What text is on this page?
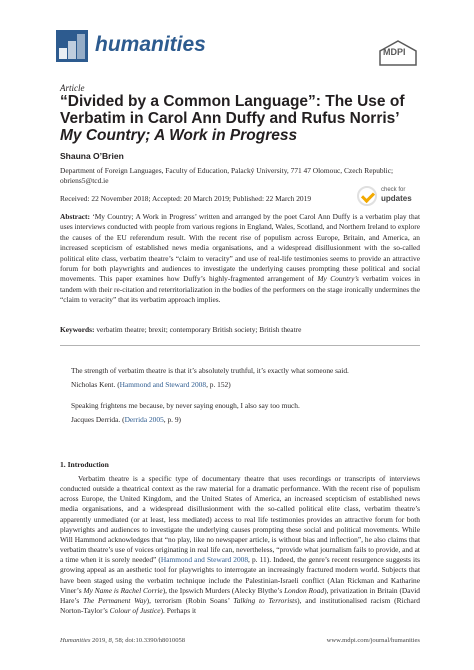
humanities	MDPI
Article
“Divided by a Common Language”: The Use of
Verbatim in Carol Ann Duffy and Rufus Norris’
My Country; A Work in Progress
Shauna O’Brien
Department of Foreign Languages, Faculty of Education, Palacký University, 771 47 Olomouc, Czech Republic; obriens5@tcd.ie
Received: 22 November 2018; Accepted: 20 March 2019; Published: 22 March 2019
check for
updates
Abstract: ‘My Country; A Work in Progress’ written and arranged by the poet Carol Ann Duffy is a verbatim play that uses interviews conducted with people from various regions in England, Wales, Scotland, and Northern Ireland to explore the causes of the EU referendum result. With the recent rise of populism across Europe, Britain, and America, an increased scepticism of established news media organisations, and a widespread disillusionment with the so-called political elite class, verbatim theatre’s “claim to veracity” and use of real-life testimonies seems to provide an attractive forum for both playwrights and audiences to investigate the underlying causes prompting these political and social movements. This paper examines how Duffy’s highly-fragmented arrangement of My Country’s verbatim voices in tandem with their re-citation and reterritorialization in the bodies of the performers on the stage ironically undermines the “claim to veracity” that its verbatim approach implies.
Keywords: verbatim theatre; brexit; contemporary British society; British theatre
The strength of verbatim theatre is that it’s absolutely truthful, it’s exactly what someone said.
Nicholas Kent. (Hammond and Steward 2008, p. 152)
Speaking frightens me because, by never saying enough, I also say too much.
Jacques Derrida. (Derrida 2005, p. 9)
1. Introduction
Verbatim theatre is a specific type of documentary theatre that uses recordings or transcripts of interviews conducted outside a theatrical context as the raw material for a dramatic performance. With the recent rise of populism across Europe, the United Kingdom, and the United States of America, an increased scepticism of established news media organisations, and a widespread disillusionment with the so-called political elite class, verbatim theatre’s apparently unmediated (or at least, less mediated) access to real life testimonies provides an attractive forum for both playwrights and audiences to investigate the underlying causes prompting these social and political movements. While Will Hammond acknowledges that “no play, like no newspaper article, is without bias and inflection”, he also claims that verbatim theatre’s use of voices originating in real life can, nevertheless, “provide what journalism fails to provide, and at a time when it is sorely needed” (Hammond and Steward 2008, p. 11). Indeed, the genre’s recent resurgence suggests its growing appeal as an aesthetic tool for playwrights to interrogate an increasingly fractured modern world. Subjects that have been staged using the verbatim technique include the Palestinian-Israeli conflict (Alan Rickman and Katharine Viner’s My Name is Rachel Corrie), the Ipswich Murders (Alecky Blythe’s London Road), privatization in Britain (David Hare’s The Permanent Way), terrorism (Robin Soans’ Talking to Terrorists), and institutionalised racism (Richard Norton-Taylor’s Colour of Justice). Perhaps it
Humanities 2019, 8, 58; doi:10.3390/h8010058	www.mdpi.com/journal/humanities
